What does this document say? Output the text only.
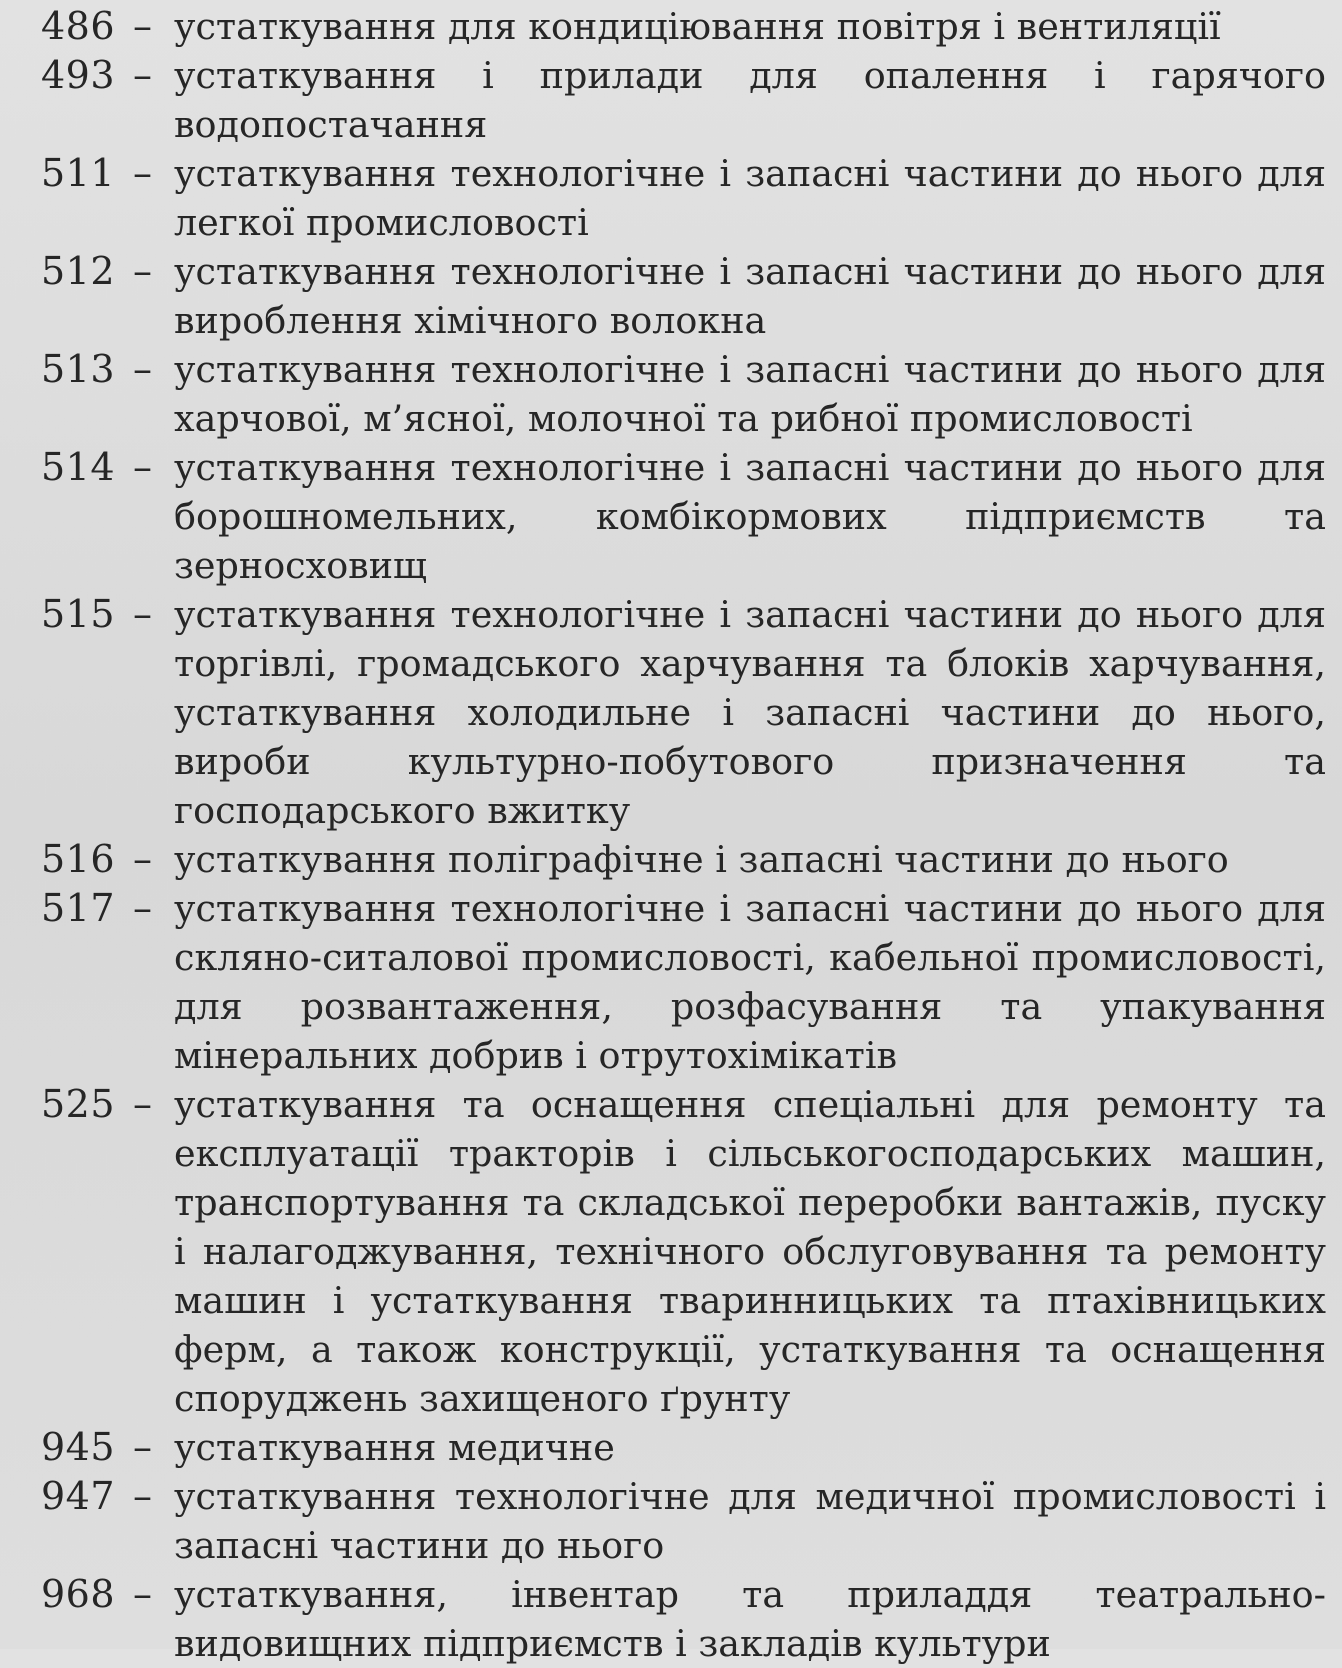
486 – устаткування для кондиціювання повітря і вентиляції
493 – устаткування і прилади для опалення і гарячого водопостачання
511 – устаткування технологічне і запасні частини до нього для легкої промисловості
512 – устаткування технологічне і запасні частини до нього для вироблення хімічного волокна
513 – устаткування технологічне і запасні частини до нього для харчової, м’ясної, молочної та рибної промисловості
514 – устаткування технологічне і запасні частини до нього для борошномельних, комбікормових підприємств та зерносховищ
515 – устаткування технологічне і запасні частини до нього для торгівлі, громадського харчування та блоків харчування, устаткування холодильне і запасні частини до нього, вироби культурно-побутового призначення та господарського вжитку
516 – устаткування поліграфічне і запасні частини до нього
517 – устаткування технологічне і запасні частини до нього для скляно-ситалової промисловості, кабельної промисловості, для розвантаження, розфасування та упакування мінеральних добрив і отрутохімікатів
525 – устаткування та оснащення спеціальні для ремонту та експлуатації тракторів і сільськогосподарських машин, транспортування та складської переробки вантажів, пуску і налагоджування, технічного обслуговування та ремонту машин і устаткування тваринницьких та птахівницьких ферм, а також конструкції, устаткування та оснащення споруджень захищеного ґрунту
945 – устаткування медичне
947 – устаткування технологічне для медичної промисловості і запасні частини до нього
968 – устаткування, інвентар та приладдя театрально-видовищних підприємств і закладів культури
